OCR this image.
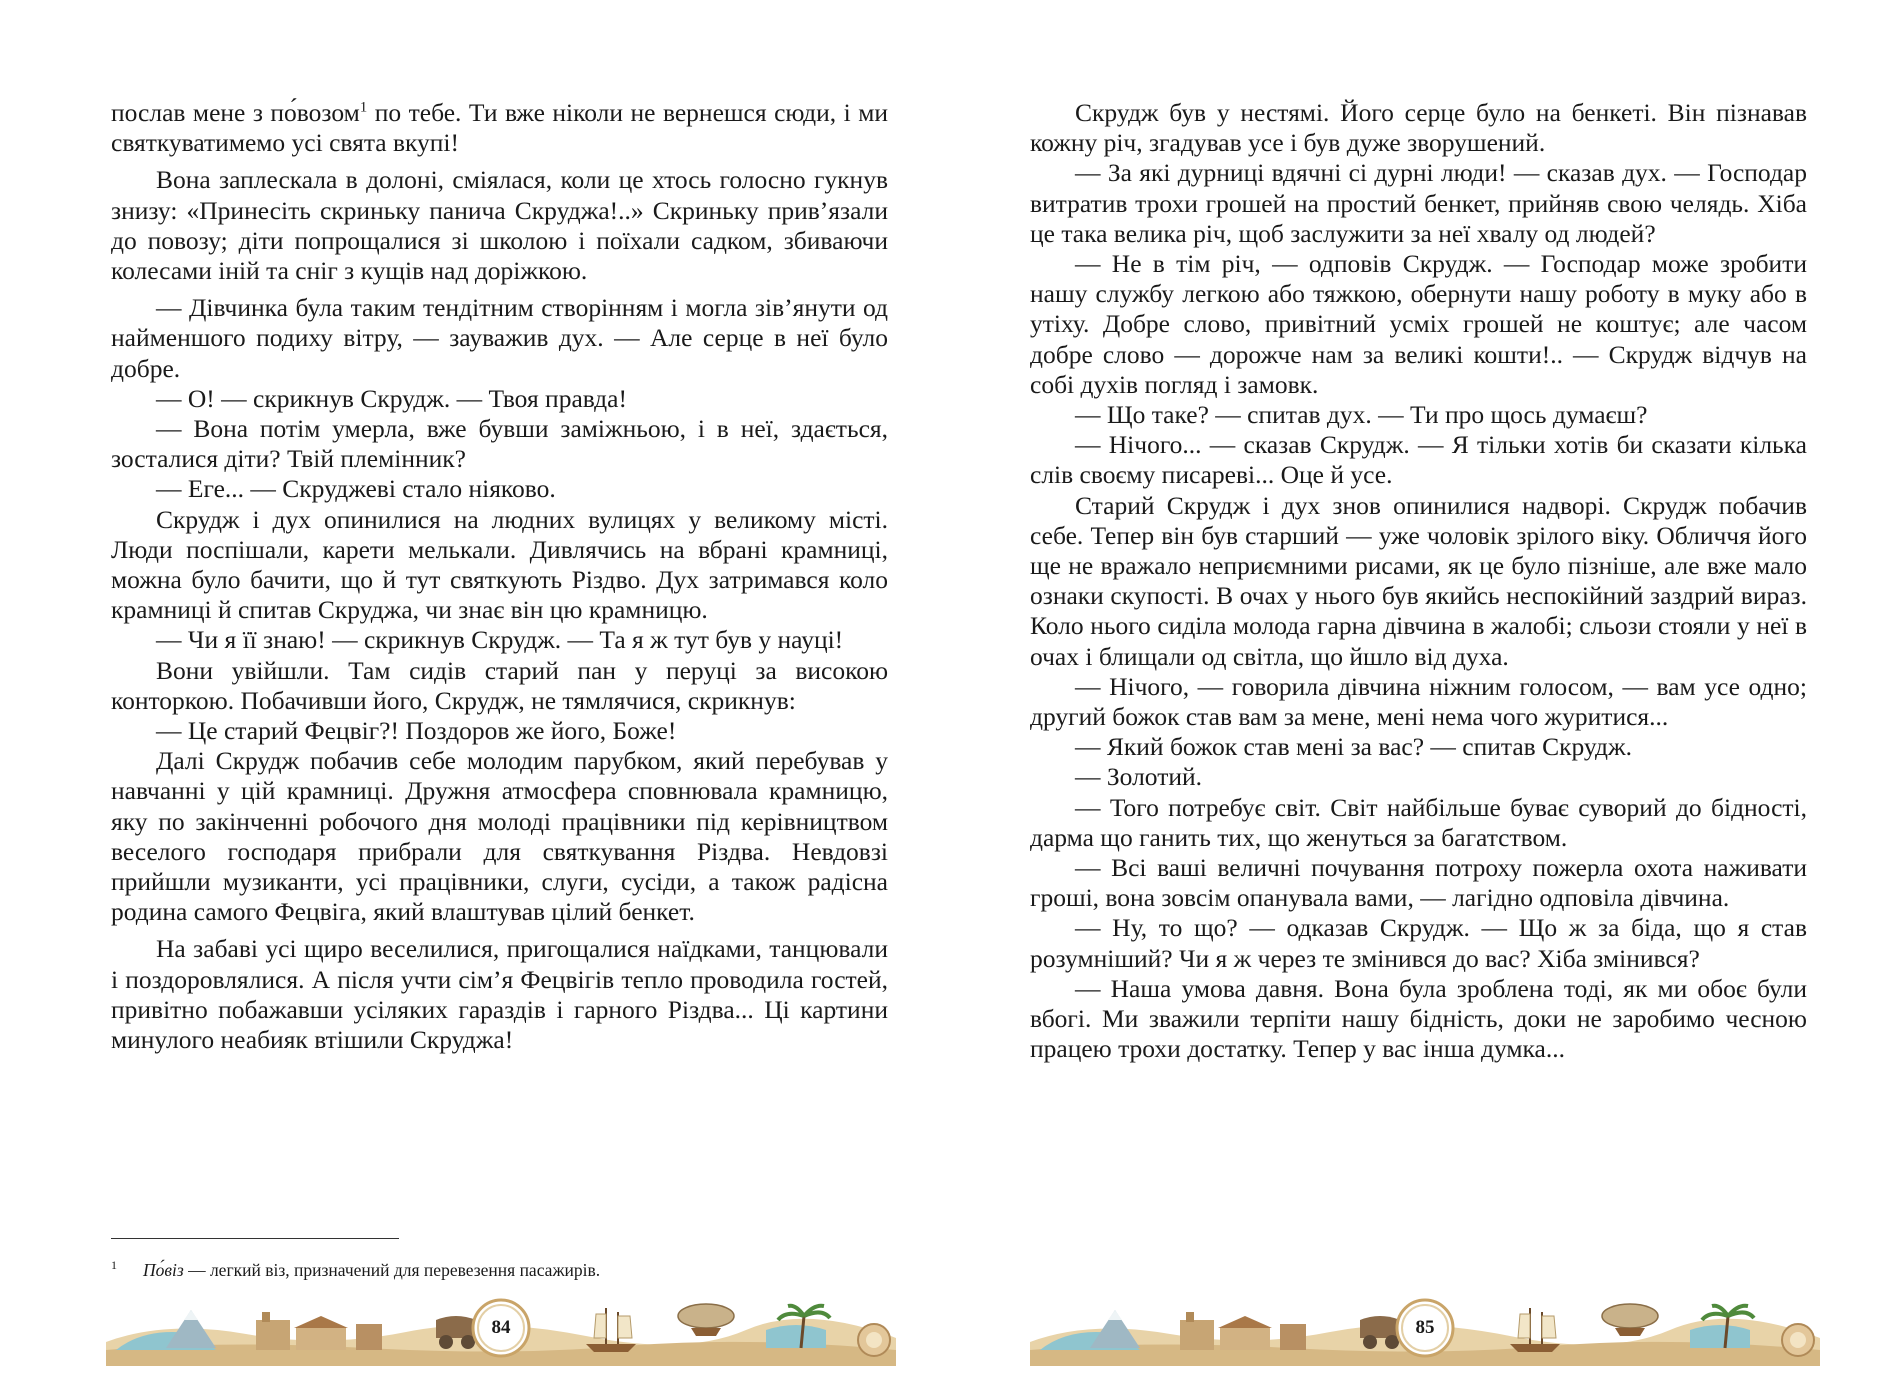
послав мене з по́возом$^1$ по тебе. Ти вже ніколи не вернешся сюди, і ми святкуватимемо усі свята вкупі!

Вона заплескала в долоні, сміялася, коли це хтось голосно гукнув знизу: «Принесіть скриньку панича Скруджа!..» Скриньку прив’язали до повозу; діти попрощалися зі школою і поїхали садком, збиваючи колесами іній та сніг з кущів над доріжкою.

— Дівчинка була таким тендітним створінням і могла зів’янути од найменшого подиху вітру, — зауважив дух. — Але серце в неї було добре.

— О! — скрикнув Скрудж. — Твоя правда!

— Вона потім умерла, вже бувши заміжньою, і в неї, здається, зосталися діти? Твій племінник?

— Еге... — Скруджеві стало ніяково.

Скрудж і дух опинилися на людних вулицях у великому місті. Люди поспішали, карети мелькали. Дивлячись на вбрані крамниці, можна було бачити, що й тут святкують Різдво. Дух затримався коло крамниці й спитав Скруджа, чи знає він цю крамницю.

— Чи я її знаю! — скрикнув Скрудж. — Та я ж тут був у науці!

Вони увійшли. Там сидів старий пан у перуці за високою конторкою. Побачивши його, Скрудж, не тямлячися, скрикнув:

— Це старий Фецвіг?! Поздоров же його, Боже!

Далі Скрудж побачив себе молодим парубком, який перебував у навчанні у цій крамниці. Дружня атмосфера сповнювала крамницю, яку по закінченні робочого дня молоді працівники під керівництвом веселого господаря прибрали для святкування Різдва. Невдовзі прийшли музиканти, усі працівники, слуги, сусіди, а також радісна родина самого Фецвіга, який влаштував цілий бенкет.

На забаві усі щиро веселилися, пригощалися наїдками, танцювали і поздоровлялися. А після учти сім’я Фецвігів тепло проводила гостей, привітно побажавши усіляких гараздів і гарного Різдва... Ці картини минулого неабияк втішили Скруджа!

$^1$ По́віз — легкий віз, призначений для перевезення пасажирів.
84

Скрудж був у нестямі. Його серце було на бенкеті. Він пізнавав кожну річ, згадував усе і був дуже зворушений.

— За які дурниці вдячні сі дурні люди! — сказав дух. — Господар витратив трохи грошей на простий бенкет, прийняв свою челядь. Хіба це така велика річ, щоб заслужити за неї хвалу од людей?

— Не в тім річ, — одповів Скрудж. — Господар може зробити нашу службу легкою або тяжкою, обернути нашу роботу в муку або в утіху. Добре слово, привітний усміх грошей не коштує; але часом добре слово — дорожче нам за великі кошти!.. — Скрудж відчув на собі духів погляд і замовк.

— Що таке? — спитав дух. — Ти про щось думаєш?

— Нічого... — сказав Скрудж. — Я тільки хотів би сказати кілька слів своєму писареві... Оце й усе.

Старий Скрудж і дух знов опинилися надворі. Скрудж побачив себе. Тепер він був старший — уже чоловік зрілого віку. Обличчя його ще не вражало неприємними рисами, як це було пізніше, але вже мало ознаки скупості. В очах у нього був якийсь неспокійний заздрий вираз. Коло нього сиділа молода гарна дівчина в жалобі; сльози стояли у неї в очах і блищали од світла, що йшло від духа.

— Нічого, — говорила дівчина ніжним голосом, — вам усе одно; другий божок став вам за мене, мені нема чого журитися...

— Який божок став мені за вас? — спитав Скрудж.

— Золотий.

— Того потребує світ. Світ найбільше буває суворий до бідності, дарма що ганить тих, що женуться за багатством.

— Всі ваші величні почування потроху пожерла охота наживати гроші, вона зовсім опанувала вами, — лагідно одповіла дівчина.

— Ну, то що? — одказав Скрудж. — Що ж за біда, що я став розумніший? Чи я ж через те змінився до вас? Хіба змінився?

— Наша умова давня. Вона була зроблена тоді, як ми обоє були вбогі. Ми зважили терпіти нашу бідність, доки не заробимо чесною працею трохи достатку. Тепер у вас інша думка...

85
